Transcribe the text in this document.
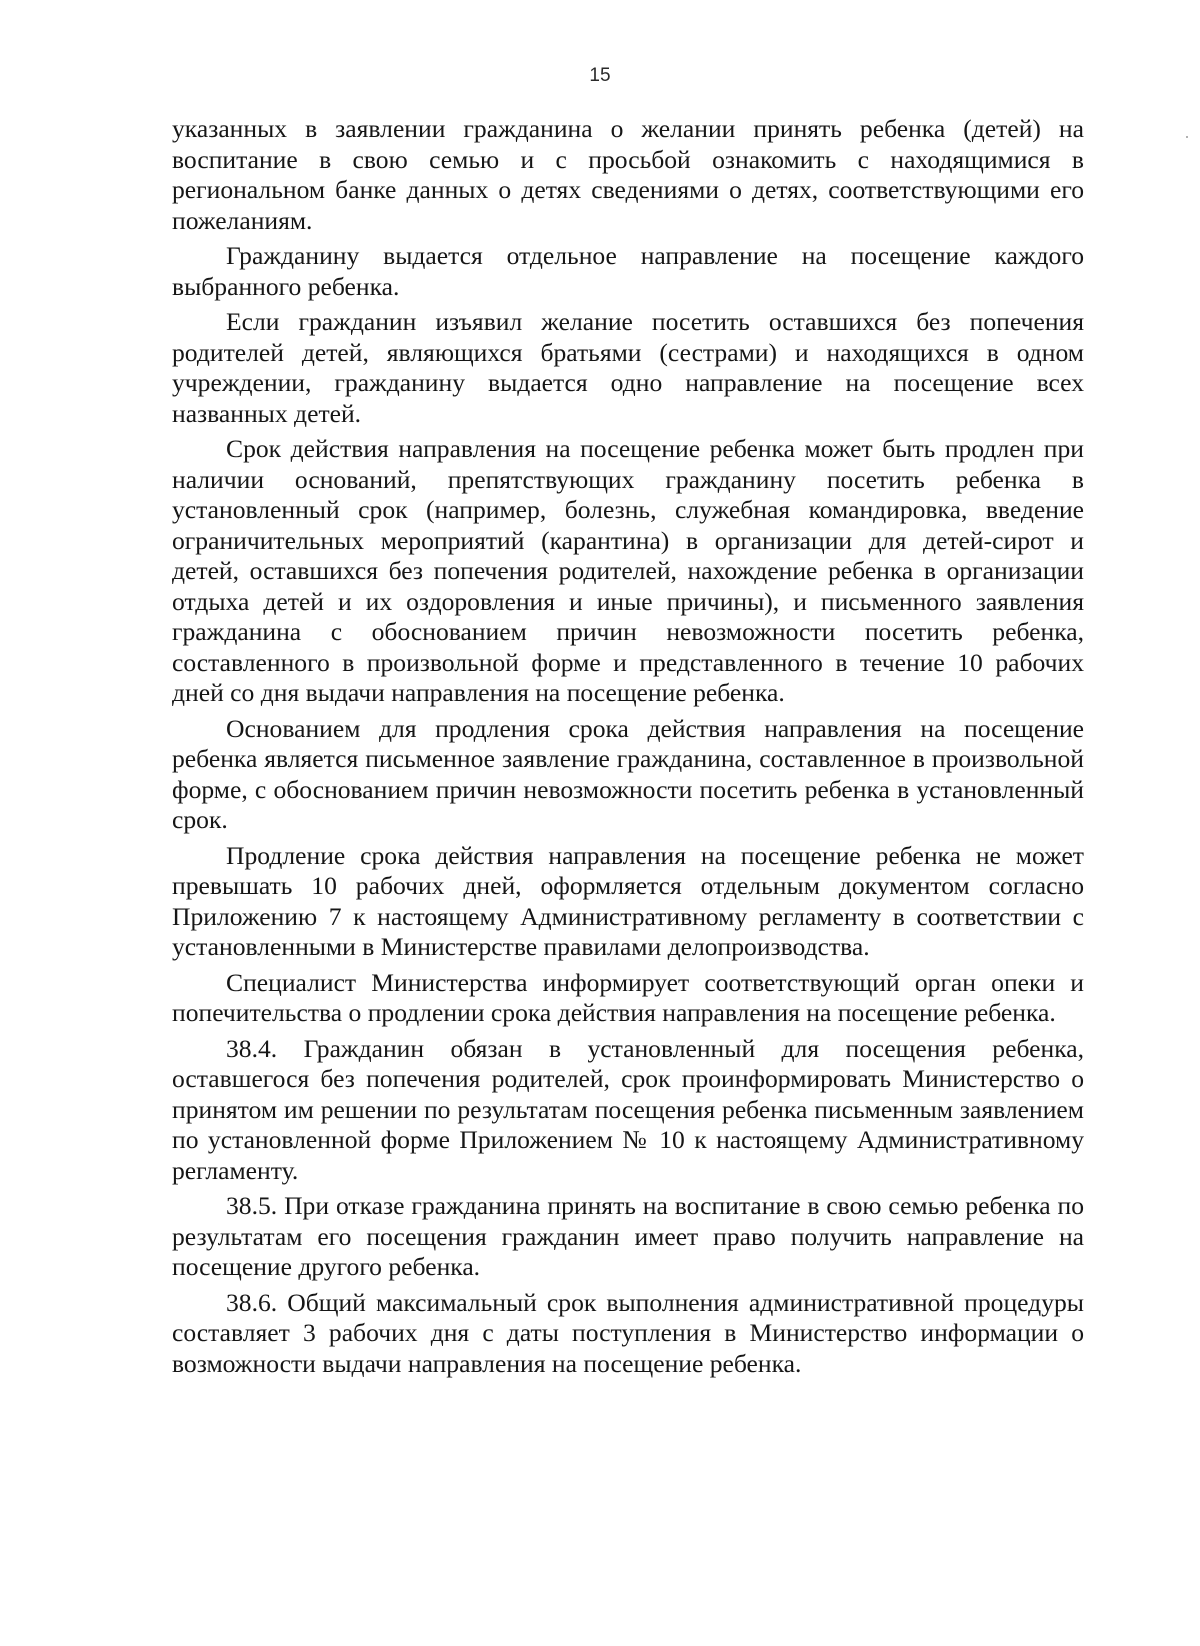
15

указанных в заявлении гражданина о желании принять ребенка (детей) на воспитание в свою семью и с просьбой ознакомить с находящимися в региональном банке данных о детях сведениями о детях, соответствующими его пожеланиям.

Гражданину выдается отдельное направление на посещение каждого выбранного ребенка.

Если гражданин изъявил желание посетить оставшихся без попечения родителей детей, являющихся братьями (сестрами) и находящихся в одном учреждении, гражданину выдается одно направление на посещение всех названных детей.

Срок действия направления на посещение ребенка может быть продлен при наличии оснований, препятствующих гражданину посетить ребенка в установленный срок (например, болезнь, служебная командировка, введение ограничительных мероприятий (карантина) в организации для детей-сирот и детей, оставшихся без попечения родителей, нахождение ребенка в организации отдыха детей и их оздоровления и иные причины), и письменного заявления гражданина с обоснованием причин невозможности посетить ребенка, составленного в произвольной форме и представленного в течение 10 рабочих дней со дня выдачи направления на посещение ребенка.

Основанием для продления срока действия направления на посещение ребенка является письменное заявление гражданина, составленное в произвольной форме, с обоснованием причин невозможности посетить ребенка в установленный срок.

Продление срока действия направления на посещение ребенка не может превышать 10 рабочих дней, оформляется отдельным документом согласно Приложению 7 к настоящему Административному регламенту в соответствии с установленными в Министерстве правилами делопроизводства.

Специалист Министерства информирует соответствующий орган опеки и попечительства о продлении срока действия направления на посещение ребенка.

38.4. Гражданин обязан в установленный для посещения ребенка, оставшегося без попечения родителей, срок проинформировать Министерство о принятом им решении по результатам посещения ребенка письменным заявлением по установленной форме Приложением № 10 к настоящему Административному регламенту.

38.5. При отказе гражданина принять на воспитание в свою семью ребенка по результатам его посещения гражданин имеет право получить направление на посещение другого ребенка.

38.6. Общий максимальный срок выполнения административной процедуры составляет 3 рабочих дня с даты поступления в Министерство информации о возможности выдачи направления на посещение ребенка.
